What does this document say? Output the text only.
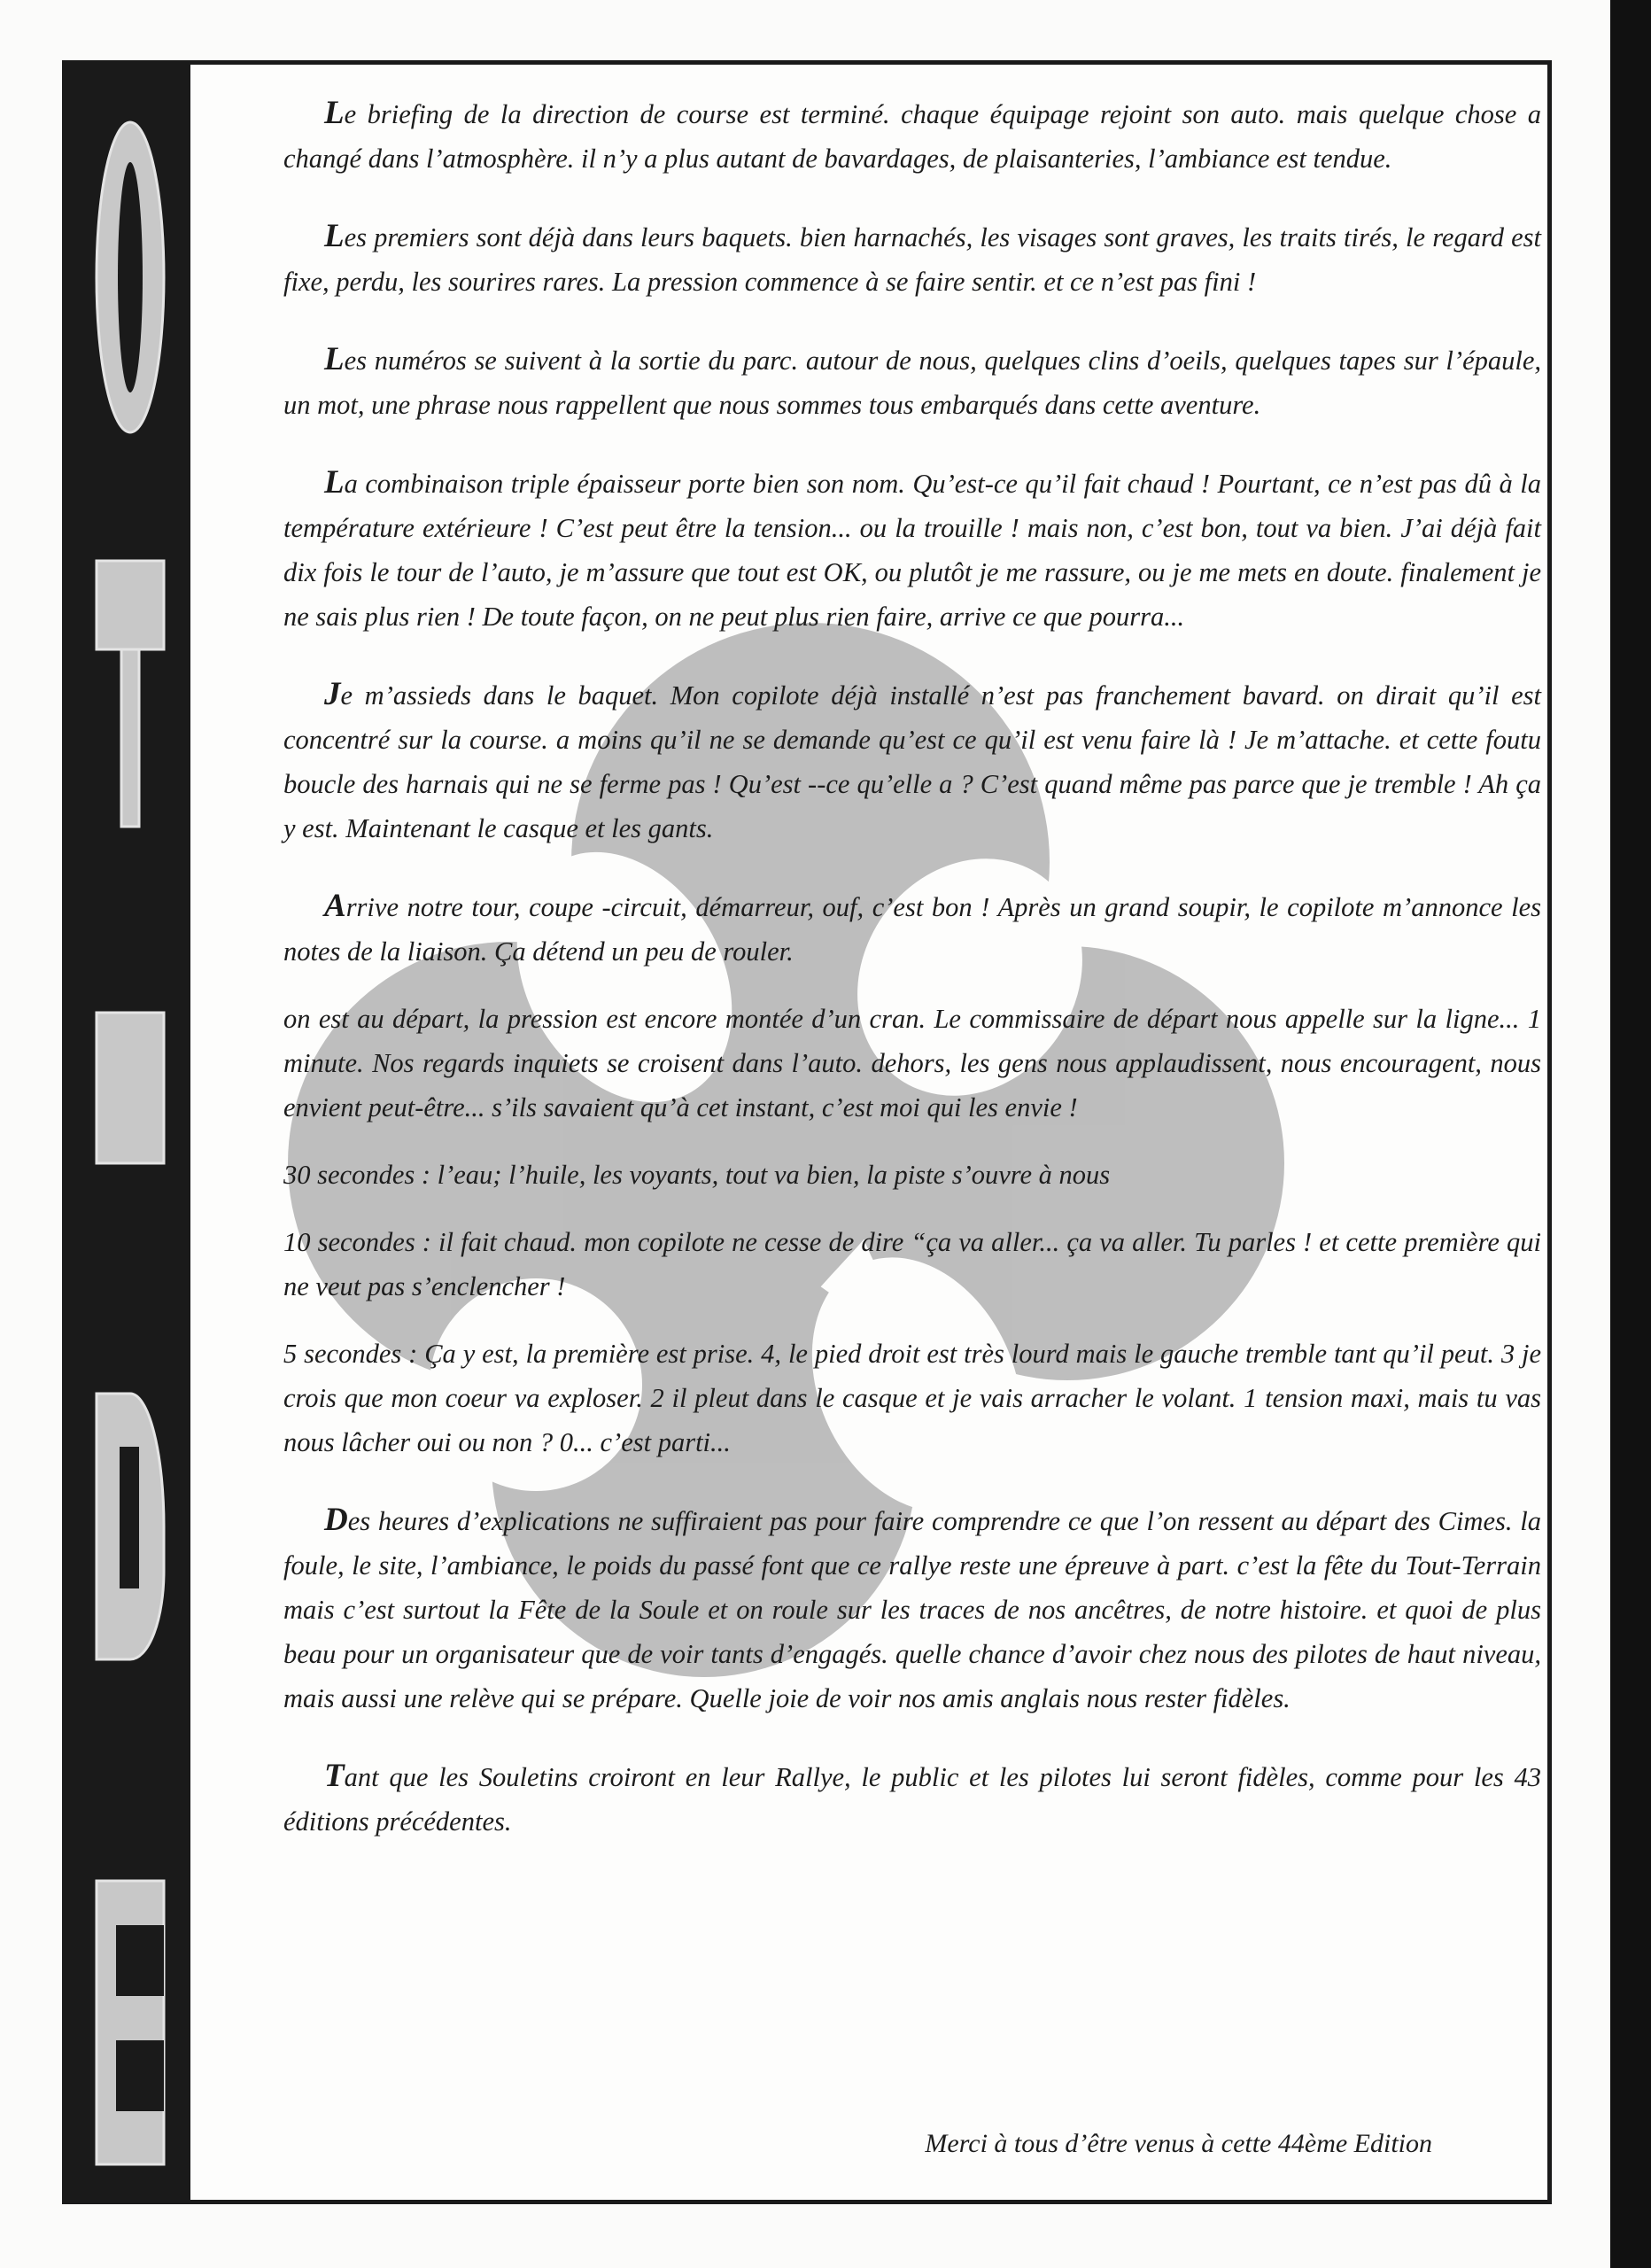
Le briefing de la direction de course est terminé. chaque équipage rejoint son auto. mais quelque chose a changé dans l’atmosphère. il n’y a plus autant de bavardages, de plaisanteries, l’ambiance est tendue.

Les premiers sont déjà dans leurs baquets. bien harnachés, les visages sont graves, les traits tirés, le regard est fixe, perdu, les sourires rares. La pression commence à se faire sentir. et ce n’est pas fini !

Les numéros se suivent à la sortie du parc. autour de nous, quelques clins d’oeils, quelques tapes sur l’épaule, un mot, une phrase nous rappellent que nous sommes tous embarqués dans cette aventure.

La combinaison triple épaisseur porte bien son nom. Qu’est-ce qu’il fait chaud ! Pourtant, ce n’est pas dû à la température extérieure ! C’est peut être la tension... ou la trouille ! mais non, c’est bon, tout va bien. J’ai déjà fait dix fois le tour de l’auto, je m’assure que tout est OK, ou plutôt je me rassure, ou je me mets en doute. finalement je ne sais plus rien ! De toute façon, on ne peut plus rien faire, arrive ce que pourra...

Je m’assieds dans le baquet. Mon copilote déjà installé n’est pas franchement bavard. on dirait qu’il est concentré sur la course. a moins qu’il ne se demande qu’est ce qu’il est venu faire là ! Je m’attache. et cette foutu boucle des harnais qui ne se ferme pas ! Qu’est --ce qu’elle a ? C’est quand même pas parce que je tremble ! Ah ça y est. Maintenant le casque et les gants.

Arrive notre tour, coupe -circuit, démarreur, ouf, c’est bon ! Après un grand soupir, le copilote m’annonce les notes de la liaison. Ça détend un peu de rouler.

on est au départ, la pression est encore montée d’un cran. Le commissaire de départ nous appelle sur la ligne... 1 minute. Nos regards inquiets se croisent dans l’auto. dehors, les gens nous applaudissent, nous encouragent, nous envient peut-être... s’ils savaient qu’à cet instant, c’est moi qui les envie !

30 secondes : l’eau; l’huile, les voyants, tout va bien, la piste s’ouvre à nous

10 secondes : il fait chaud. mon copilote ne cesse de dire “ça va aller... ça va aller. Tu parles ! et cette première qui ne veut pas s’enclencher !

5 secondes : Ça y est, la première est prise. 4, le pied droit est très lourd mais le gauche tremble tant qu’il peut. 3 je crois que mon coeur va exploser. 2 il pleut dans le casque et je vais arracher le volant. 1 tension maxi, mais tu vas nous lâcher oui ou non ? 0... c’est parti...

Des heures d’explications ne suffiraient pas pour faire comprendre ce que l’on ressent au départ des Cimes. la foule, le site, l’ambiance, le poids du passé font que ce rallye reste une épreuve à part. c’est la fête du Tout-Terrain mais c’est surtout la Fête de la Soule et on roule sur les traces de nos ancêtres, de notre histoire. et quoi de plus beau pour un organisateur que de voir tants d’engagés. quelle chance d’avoir chez nous des pilotes de haut niveau, mais aussi une relève qui se prépare. Quelle joie de voir nos amis anglais nous rester fidèles.

Tant que les Souletins croiront en leur Rallye, le public et les pilotes lui seront fidèles, comme pour les 43 éditions précédentes.

Merci à tous d’être venus à cette 44ème Edition
